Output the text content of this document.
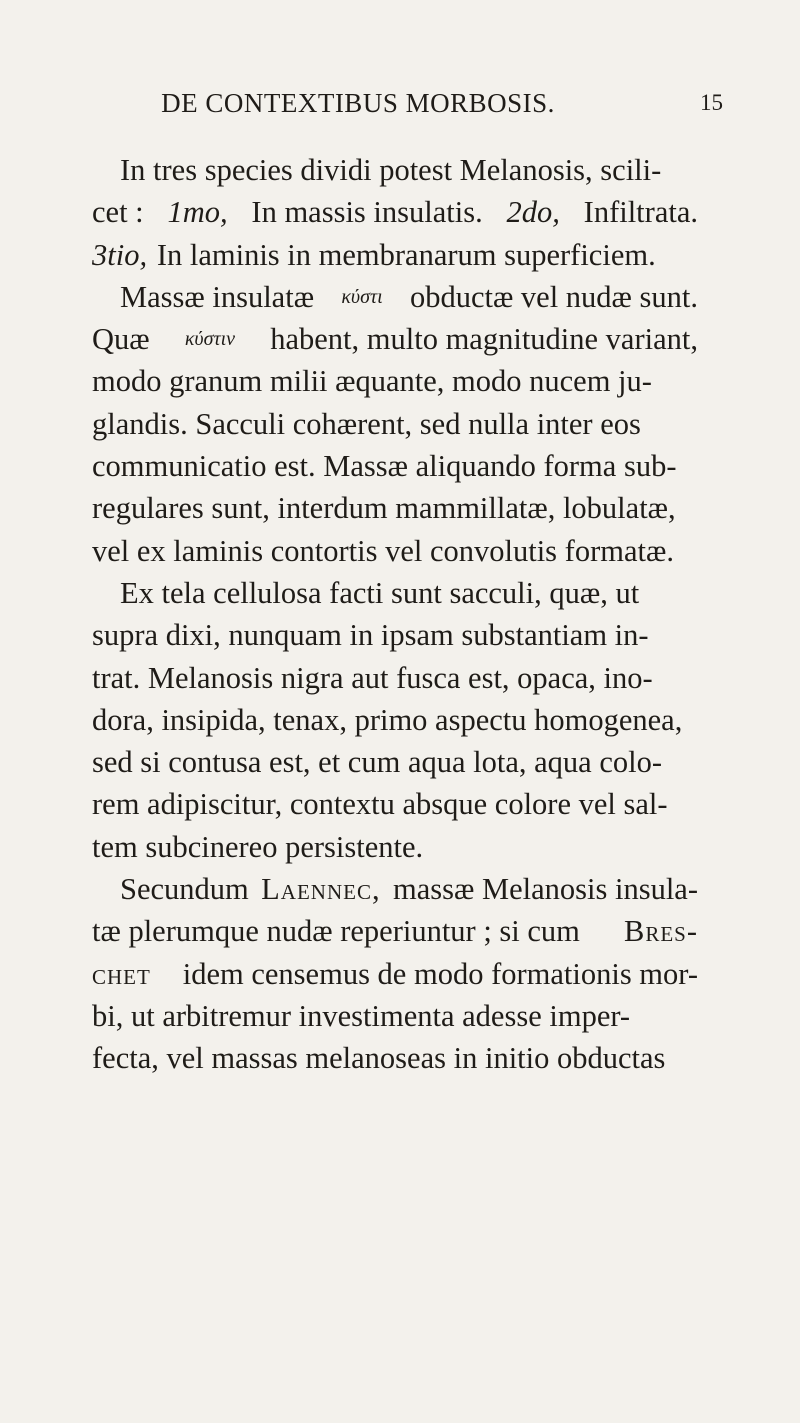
DE CONTEXTIBUS MORBOSIS.	15
In tres species dividi potest Melanosis, scili-
cet : 1mo, In massis insulatis. 2do, Infiltrata.
3tio, In laminis in membranarum superficiem.
Massæ insulatæ κύστι obductæ vel nudæ sunt.
Quæ κύστιν habent, multo magnitudine variant,
modo granum milii æquante, modo nucem ju-
glandis. Sacculi cohærent, sed nulla inter eos
communicatio est. Massæ aliquando forma sub-
regulares sunt, interdum mammillatæ, lobulatæ,
vel ex laminis contortis vel convolutis formatæ.
Ex tela cellulosa facti sunt sacculi, quæ, ut
supra dixi, nunquam in ipsam substantiam in-
trat. Melanosis nigra aut fusca est, opaca, ino-
dora, insipida, tenax, primo aspectu homogenea,
sed si contusa est, et cum aqua lota, aqua colo-
rem adipiscitur, contextu absque colore vel sal-
tem subcinereo persistente.
Secundum Laennec, massæ Melanosis insula-
tæ plerumque nudæ reperiuntur ; si cum Bres-
chet idem censemus de modo formationis mor-
bi, ut arbitremur investimenta adesse imper-
fecta, vel massas melanoseas in initio obductas
